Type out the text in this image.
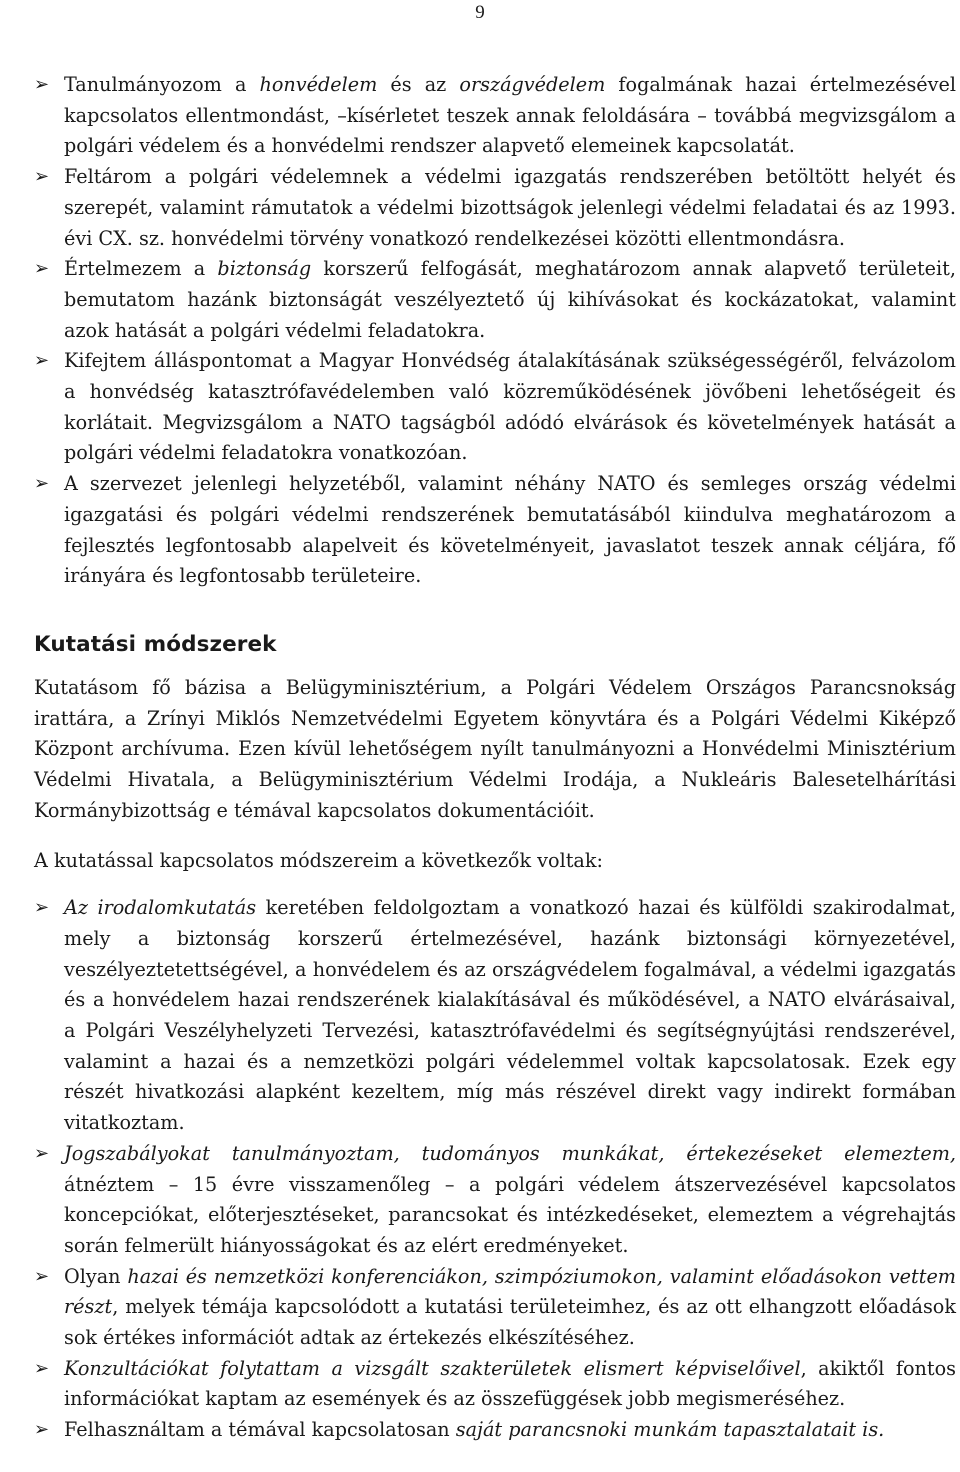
9
➢
Tanulmányozom a honvédelem és az országvédelem fogalmának hazai értelmezésével kapcsolatos ellentmondást, –kísérletet teszek annak feloldására – továbbá megvizsgálom a polgári védelem és a honvédelmi rendszer alapvető elemeinek kapcsolatát.
➢
Feltárom a polgári védelemnek a védelmi igazgatás rendszerében betöltött helyét és szerepét, valamint rámutatok a védelmi bizottságok jelenlegi védelmi feladatai és az 1993. évi CX. sz. honvédelmi törvény vonatkozó rendelkezései közötti ellentmondásra.
➢
Értelmezem a biztonság korszerű felfogását, meghatározom annak alapvető területeit, bemutatom hazánk biztonságát veszélyeztető új kihívásokat és kockázatokat, valamint azok hatását a polgári védelmi feladatokra.
➢
Kifejtem álláspontomat a Magyar Honvédség átalakításának szükségességéről, felvázolom a honvédség katasztrófavédelemben való közreműködésének jövőbeni lehetőségeit és korlátait. Megvizsgálom a NATO tagságból adódó elvárások és követelmények hatását a polgári védelmi feladatokra vonatkozóan.
➢
A szervezet jelenlegi helyzetéből, valamint néhány NATO és semleges ország védelmi igazgatási és polgári védelmi rendszerének bemutatásából kiindulva meghatározom a fejlesztés legfontosabb alapelveit és követelményeit, javaslatot teszek annak céljára, fő irányára és legfontosabb területeire.
Kutatási módszerek

Kutatásom fő bázisa a Belügyminisztérium, a Polgári Védelem Országos Parancsnokság irattára, a Zrínyi Miklós Nemzetvédelmi Egyetem könyvtára és a Polgári Védelmi Kiképző Központ archívuma. Ezen kívül lehetőségem nyílt tanulmányozni a Honvédelmi Minisztérium Védelmi Hivatala, a Belügyminisztérium Védelmi Irodája, a Nukleáris Balesetelhárítási Kormánybizottság e témával kapcsolatos dokumentációit.

A kutatással kapcsolatos módszereim a következők voltak:

➢
Az irodalomkutatás keretében feldolgoztam a vonatkozó hazai és külföldi szakirodalmat, mely a biztonság korszerű értelmezésével, hazánk biztonsági környezetével, veszélyeztetettségével, a honvédelem és az országvédelem fogalmával, a védelmi igazgatás és a honvédelem hazai rendszerének kialakításával és működésével, a NATO elvárásaival, a Polgári Veszélyhelyzeti Tervezési, katasztrófavédelmi és segítségnyújtási rendszerével, valamint a hazai és a nemzetközi polgári védelemmel voltak kapcsolatosak. Ezek egy részét hivatkozási alapként kezeltem, míg más részével direkt vagy indirekt formában vitatkoztam.
➢
Jogszabályokat tanulmányoztam, tudományos munkákat, értekezéseket elemeztem, átnéztem – 15 évre visszamenőleg – a polgári védelem átszervezésével kapcsolatos koncepciókat, előterjesztéseket, parancsokat és intézkedéseket, elemeztem a végrehajtás során felmerült hiányosságokat és az elért eredményeket.
➢
Olyan hazai és nemzetközi konferenciákon, szimpóziumokon, valamint előadásokon vettem részt, melyek témája kapcsolódott a kutatási területeimhez, és az ott elhangzott előadások sok értékes információt adtak az értekezés elkészítéséhez.
➢
Konzultációkat folytattam a vizsgált szakterületek elismert képviselőivel, akiktől fontos információkat kaptam az események és az összefüggések jobb megismeréséhez.
➢
Felhasználtam a témával kapcsolatosan saját parancsnoki munkám tapasztalatait is.
